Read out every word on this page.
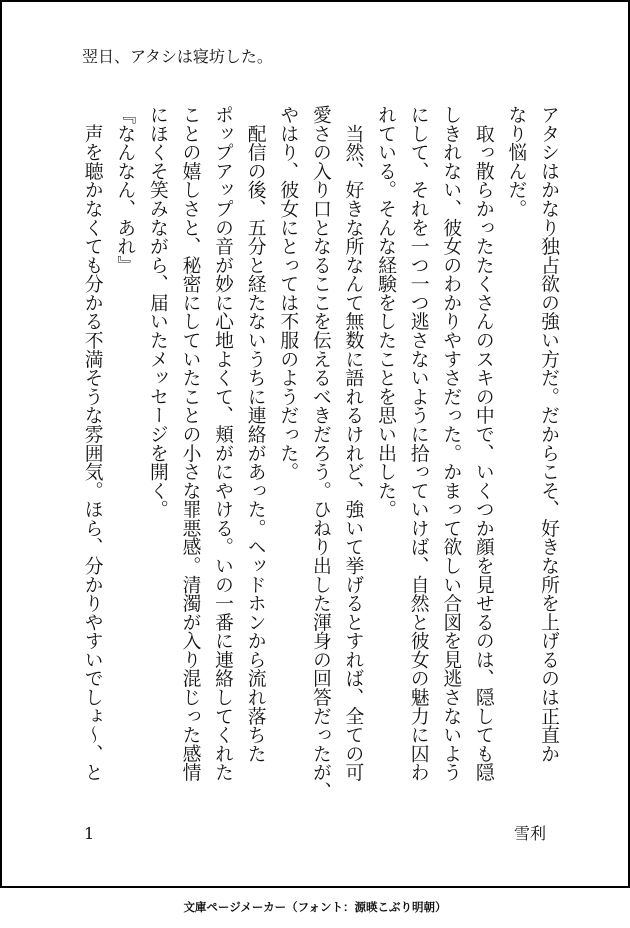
翌日、アタシは寝坊した。
アタシはかなり独占欲の強い方だ。だからこそ、好きな所を上げるのは正直か
なり悩んだ。
　取っ散らかったたくさんのスキの中で、いくつか顔を見せるのは、隠しても隠
しきれない、彼女のわかりやすさだった。かまって欲しい合図を見逃さないよう
にして、それを一つ一つ逃さないように拾っていけば、自然と彼女の魅力に囚わ
れている。そんな経験をしたことを思い出した。
　当然、好きな所なんて無数に語れるけれど、強いて挙げるとすれば、全ての可
愛さの入り口となるここを伝えるべきだろう。ひねり出した渾身の回答だったが、
やはり、彼女にとっては不服のようだった。
　配信の後、五分と経たないうちに連絡があった。ヘッドホンから流れ落ちた
ポップアップの音が妙に心地よくて、頬がにやける。いの一番に連絡してくれた
ことの嬉しさと、秘密にしていたことの小さな罪悪感。清濁が入り混じった感情
にほくそ笑みながら、届いたメッセージを開く。
『なんなん、あれ』
　声を聴かなくても分かる不満そうな雰囲気。ほら、分かりやすいでしょ〜、と
1	雪利
文庫ページメーカー（フォント：源暎こぶり明朝）
